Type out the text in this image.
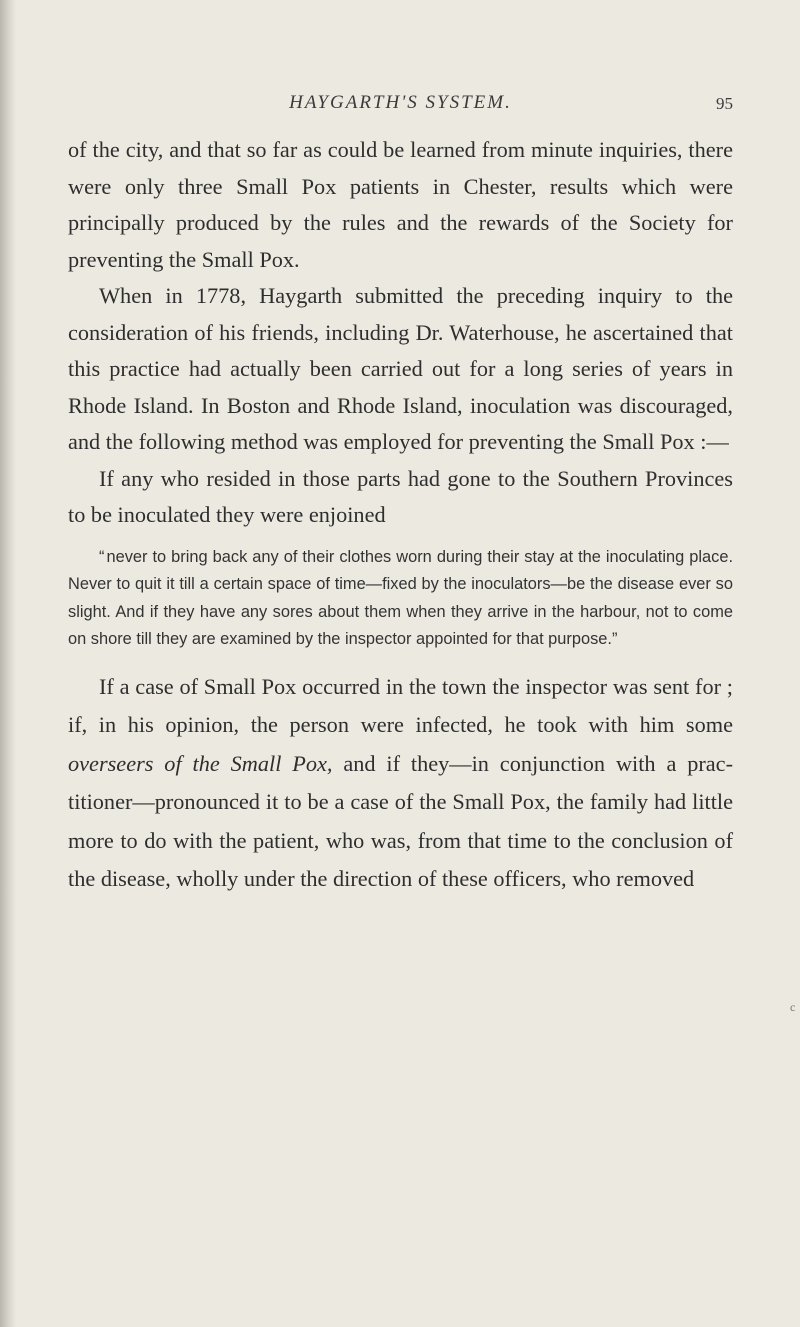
HAYGARTH'S SYSTEM.	95

of the city, and that so far as could be learned from minute inquiries, there were only three Small Pox patients in Chester, results which were principally produced by the rules and the rewards of the Society for preventing the Small Pox.

When in 1778, Haygarth submitted the preceding inquiry to the consideration of his friends, including Dr. Waterhouse, he ascertained that this practice had actually been carried out for a long series of years in Rhode Island. In Boston and Rhode Island, inoculation was discouraged, and the following method was employed for preventing the Small Pox :—

If any who resided in those parts had gone to the Southern Provinces to be inoculated they were enjoined

“ never to bring back any of their clothes worn during their stay at the inoculating place. Never to quit it till a certain space of time—fixed by the inoculators—be the disease ever so slight. And if they have any sores about them when they arrive in the harbour, not to come on shore till they are examined by the inspector appointed for that purpose.”

If a case of Small Pox occurred in the town the inspector was sent for ; if, in his opinion, the person were infected, he took with him some overseers of the Small Pox, and if they—in conjunction with a prac-titioner—pronounced it to be a case of the Small Pox, the family had little more to do with the patient, who was, from that time to the conclusion of the disease, wholly under the direction of these officers, who removed

c
